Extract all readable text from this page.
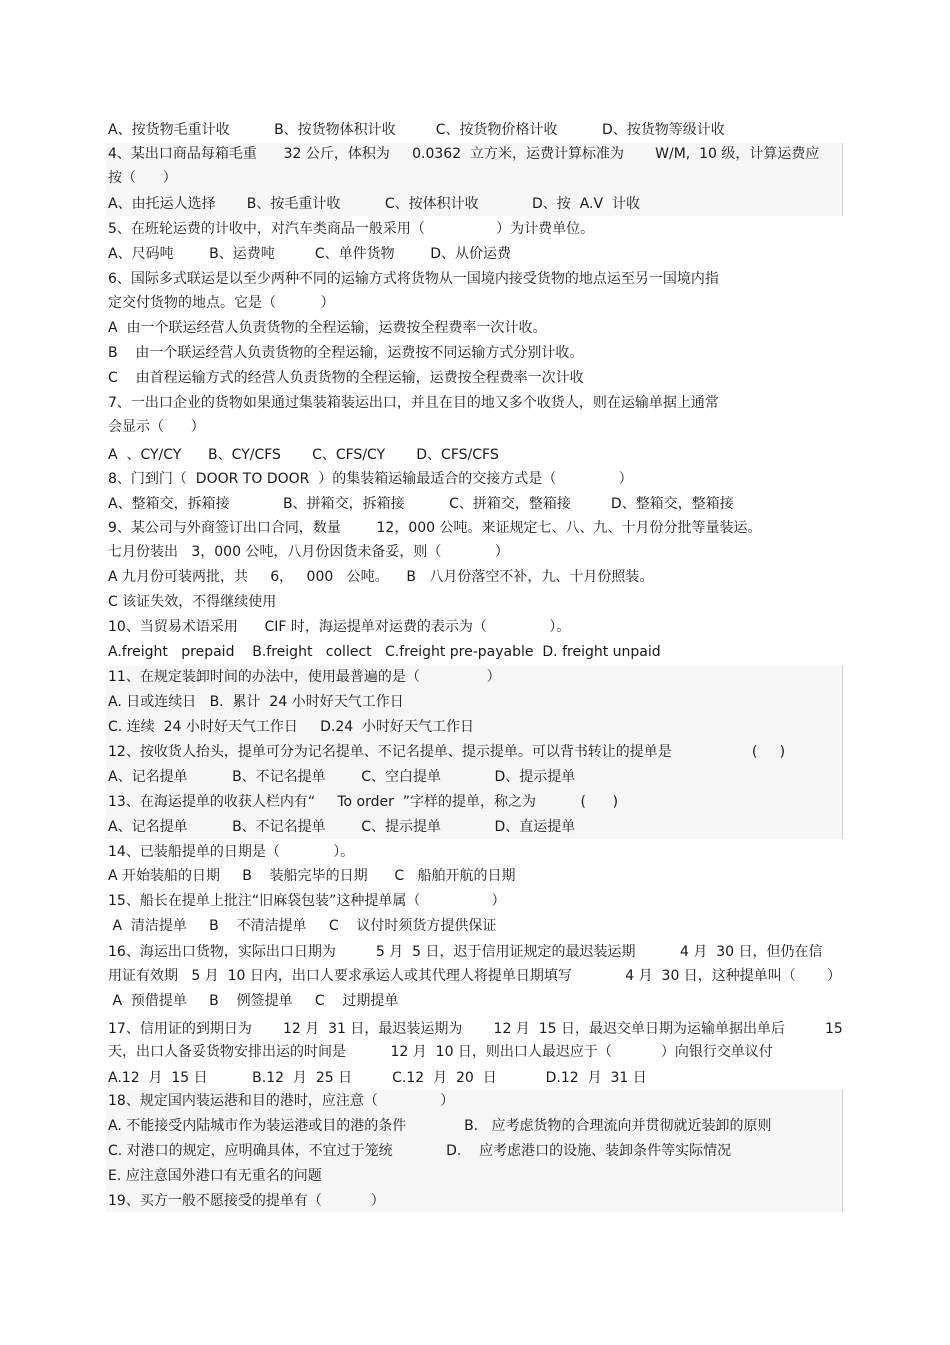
A、按货物毛重计收          B、按货物体积计收         C、按货物价格计收          D、按货物等级计收
4、某出口商品每箱毛重      32 公斤，体积为     0.0362  立方米，运费计算标准为       W/M,  10 级，计算运费应
按（      ）
A、由托运人选择       B、按毛重计收          C、按体积计收            D、按  A.V  计收
5、在班轮运费的计收中，对汽车类商品一般采用（                ）为计费单位。
A、尺码吨        B、运费吨         C、单件货物        D、从价运费
6、国际多式联运是以至少两种不同的运输方式将货物从一国境内接受货物的地点运至另一国境内指
定交付货物的地点。它是（          ）
A  由一个联运经营人负责货物的全程运输，运费按全程费率一次计收。
B    由一个联运经营人负责货物的全程运输，运费按不同运输方式分别计收。
C    由首程运输方式的经营人负责货物的全程运输，运费按全程费率一次计收
7、一出口企业的货物如果通过集装箱装运出口，并且在目的地又多个收货人，则在运输单据上通常
会显示（      ）
A  、CY/CY      B、CY/CFS       C、CFS/CY       D、CFS/CFS
8、门到门（  DOOR TO DOOR  ）的集装箱运输最适合的交接方式是（              ）
A、整箱交，拆箱接            B、拼箱交，拆箱接          C、拼箱交，整箱接         D、整箱交，整箱接
9、某公司与外商签订出口合同，数量        12，000 公吨。来证规定七、八、九、十月份分批等量装运。
七月份装出   3，000 公吨，八月份因货未备妥，则（            ）
A 九月份可装两批，共     6，   000   公吨。    B   八月份落空不补，九、十月份照装。
C 该证失效，不得继续使用
10、当贸易术语采用      CIF 时，海运提单对运费的表示为（              ）。
A.freight   prepaid    B.freight   collect   C.freight pre-payable  D. freight unpaid
11、在规定装卸时间的办法中，使用最普遍的是（               ）
A. 日或连续日   B.  累计  24 小时好天气工作日
C. 连续  24 小时好天气工作日     D.24  小时好天气工作日
12、按收货人抬头，提单可分为记名提单、不记名提单、提示提单。可以背书转让的提单是                  (     )
A、记名提单          B、不记名提单        C、空白提单            D、提示提单
13、在海运提单的收获人栏内有“     To order  ”字样的提单，称之为          (      )
A、记名提单          B、不记名提单        C、提示提单            D、直运提单
14、已装船提单的日期是（            ）。
A 开始装船的日期     B    装船完毕的日期      C   船舶开航的日期
15、船长在提单上批注“旧麻袋包装”这种提单属（                ）
A  清洁提单     B    不清洁提单     C    议付时须货方提供保证
16、海运出口货物，实际出口日期为         5 月  5 日，迟于信用证规定的最迟装运期          4 月  30 日，但仍在信
用证有效期   5 月  10 日内，出口人要求承运人或其代理人将提单日期填写            4 月  30 日，这种提单叫（       ）
A  预借提单     B    例签提单     C    过期提单
17、信用证的到期日为       12 月  31 日，最迟装运期为       12 月  15 日，最迟交单日期为运输单据出单后         15
天，出口人备妥货物安排出运的时间是          12 月  10 日，则出口人最迟应于（           ）向银行交单议付
A.12  月  15 日          B.12  月  25 日         C.12  月  20  日           D.12  月  31 日
18、规定国内装运港和目的港时，应注意（              ）
A. 不能接受内陆城市作为装运港或目的港的条件             B.   应考虑货物的合理流向并贯彻就近装卸的原则
C. 对港口的规定，应明确具体，不宜过于笼统            D.    应考虑港口的设施、装卸条件等实际情况
E. 应注意国外港口有无重名的问题
19、买方一般不愿接受的提单有（           ）
